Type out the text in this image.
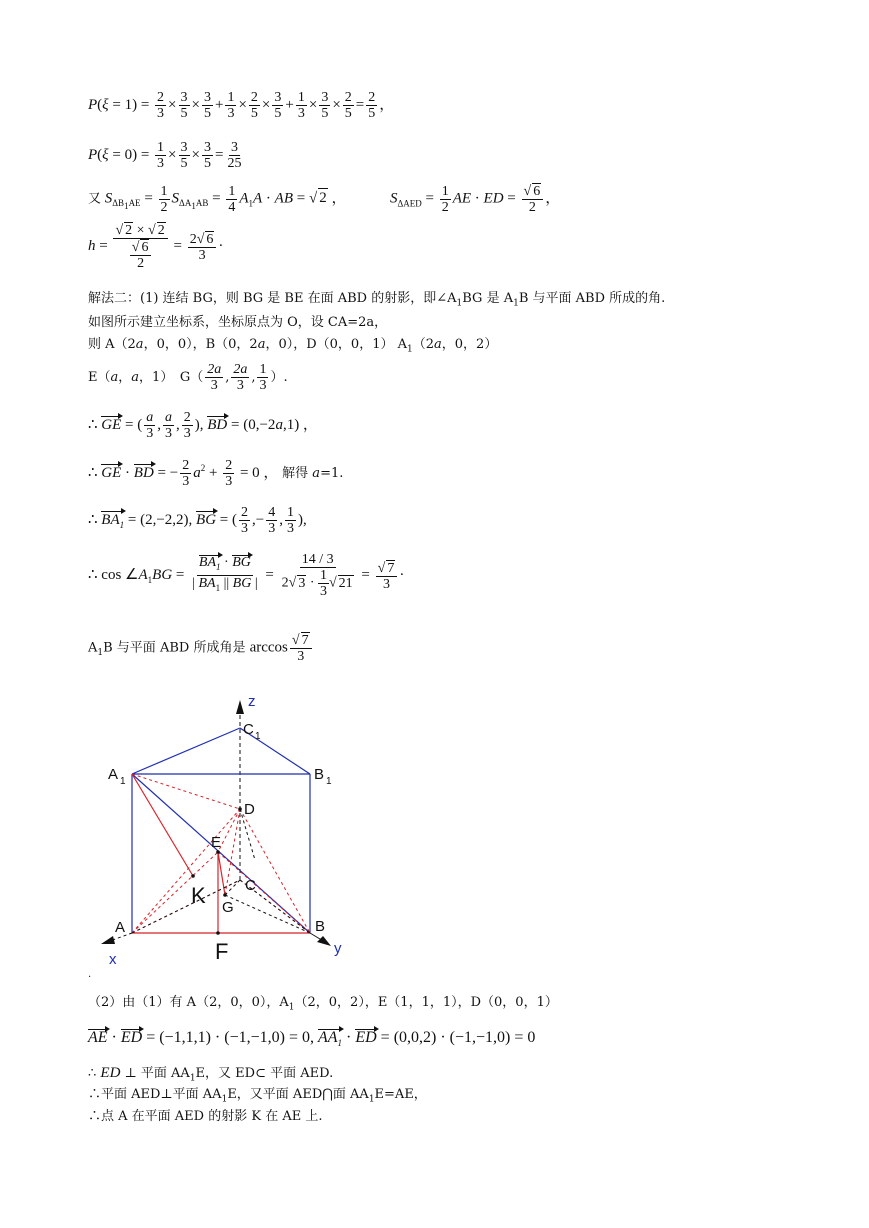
$P(\xi = 1) = \frac{2}{3} \times \frac{3}{5} \times \frac{3}{5} + \frac{1}{3} \times \frac{2}{5} \times \frac{3}{5} + \frac{1}{3} \times \frac{3}{5} \times \frac{2}{5} = \frac{2}{5}$ ，
$P(\xi = 0) = \frac{1}{3} \times \frac{3}{5} \times \frac{3}{5} = \frac{3}{25}$
又 $S_{\Delta B_1AE} = \frac{1}{2} S_{\Delta A_1AB} = \frac{1}{4} A_1A$ · AB = √ 2 ，	$S_{\Delta AED} = \frac{1}{2}$ AE · ED = $\frac{√ 6}{2}$ ，
$h = \frac{√ 2 \times √ 2}{\frac{√ 6}{2}} = \frac{2√ 6}{3}$ ·
解法二：(1) 连结 BG，则 BG 是 BE 在面 ABD 的射影，即$\angle A_1BG$ 是 $A_1B$ 与平面 ABD 所成的角.
如图所示建立坐标系，坐标原点为 O，设 CA=2a，
则 A（2a，0，0），B（0，2a，0），D（0，0，1） $A_1(2a$，0，2）
E（a，a，1）　$G( \frac{2a}{3}$ , $\frac{2a}{3}$ , $\frac{1}{3}$ ）.
∴ GE = ( $\frac{a}{3}$ , $\frac{a}{3}$ , $\frac{2}{3}$ ), BD = (0,−2a,1) ，
∴ GE · BD = − $\frac{2}{3} a^2 + \frac{2}{3} = 0$ ， 解得 a=1.
∴ $BA_1 = (2,-2,2)$, BG = ( $\frac{2}{3}$ ,− $\frac{4}{3}$ , $\frac{1}{3}$ ),
∴ $\cos \angle A_1BG = \frac{BA_1 \cdot BG}{| BA_1 || BG |} = \frac{14 / 3}{2√ 3 \cdot \frac{1}{3} √ 21} = \frac{√ 7}{3}$ ·
$A_1B$ 与平面 ABD 所成角是 $\arccos \frac{√ 7}{3}$
z
C 1
A 1	B 1
D
E
C
K G
A	B
F
x
y
.
（2）由（1）有 A（2，0，0），$A_1(2$，0，2），E（1，1，1），D（0，0，1）
AE · ED = (−1,1,1) · (−1,−1,0) = 0, $AA_1$ · ED = (0,0,2) · (−1,−1,0) = 0
∴ ED ⊥ 平面 $AA_1E$，又 ED⊂ 平面 AED.
∴平面 AED⊥平面 $AA_1E$，又平面 AED⋂面 $AA_1E=AE$，
∴点 A 在平面 AED 的射影 K 在 AE 上.
